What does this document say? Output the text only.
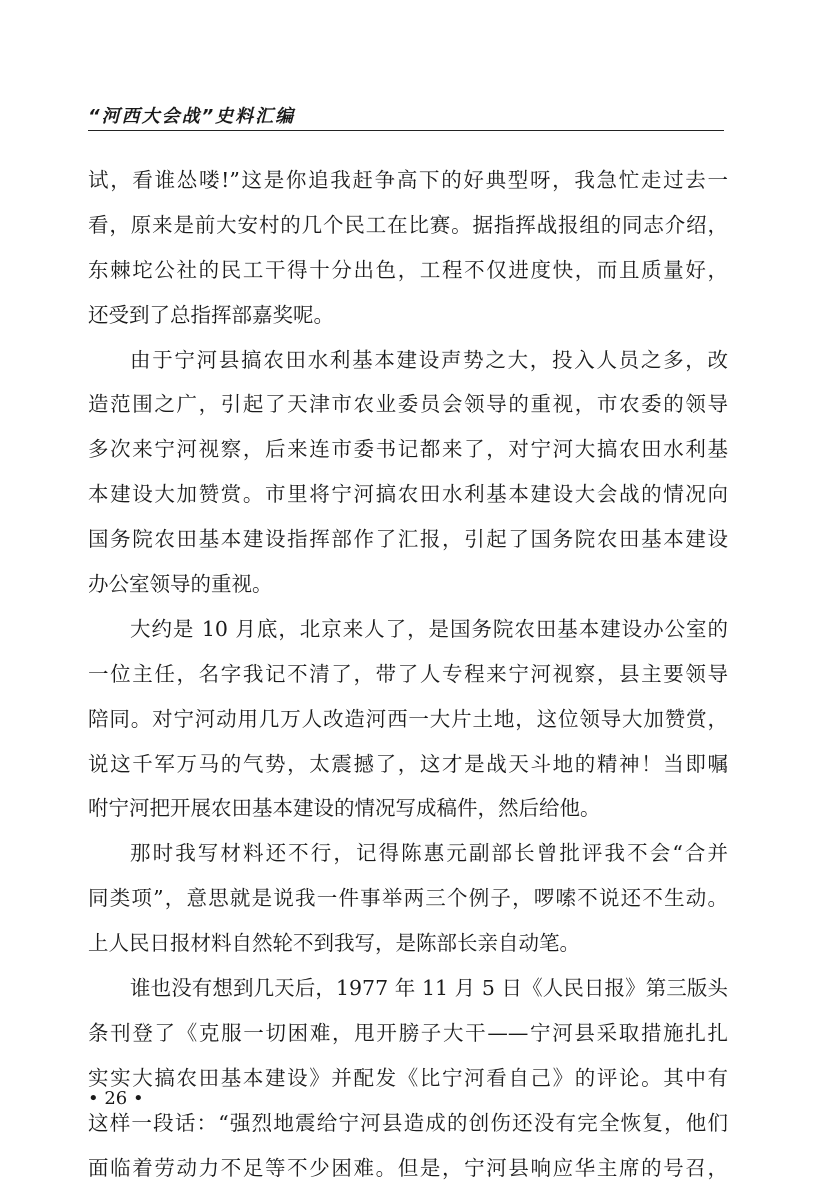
“河西大会战”史料汇编
试，看谁怂喽!”这是你追我赶争高下的好典型呀，我急忙走过去一
看，原来是前大安村的几个民工在比赛。据指挥战报组的同志介绍，
东棘坨公社的民工干得十分出色，工程不仅进度快，而且质量好，
还受到了总指挥部嘉奖呢。
由于宁河县搞农田水利基本建设声势之大，投入人员之多，改
造范围之广，引起了天津市农业委员会领导的重视，市农委的领导
多次来宁河视察，后来连市委书记都来了，对宁河大搞农田水利基
本建设大加赞赏。市里将宁河搞农田水利基本建设大会战的情况向
国务院农田基本建设指挥部作了汇报，引起了国务院农田基本建设
办公室领导的重视。
大约是 10 月底，北京来人了，是国务院农田基本建设办公室的
一位主任，名字我记不清了，带了人专程来宁河视察，县主要领导
陪同。对宁河动用几万人改造河西一大片土地，这位领导大加赞赏，
说这千军万马的气势，太震撼了，这才是战天斗地的精神！当即嘱
咐宁河把开展农田基本建设的情况写成稿件，然后给他。
那时我写材料还不行，记得陈惠元副部长曾批评我不会“合并
同类项”，意思就是说我一件事举两三个例子，啰嗦不说还不生动。
上人民日报材料自然轮不到我写，是陈部长亲自动笔。
谁也没有想到几天后，1977 年 11 月 5 日《人民日报》第三版头
条刊登了《克服一切困难，甩开膀子大干——宁河县采取措施扎扎
实实大搞农田基本建设》并配发《比宁河看自己》的评论。其中有
这样一段话：“强烈地震给宁河县造成的创伤还没有完全恢复，他们
面临着劳动力不足等不少困难。但是，宁河县响应华主席的号召，
• 26 •
